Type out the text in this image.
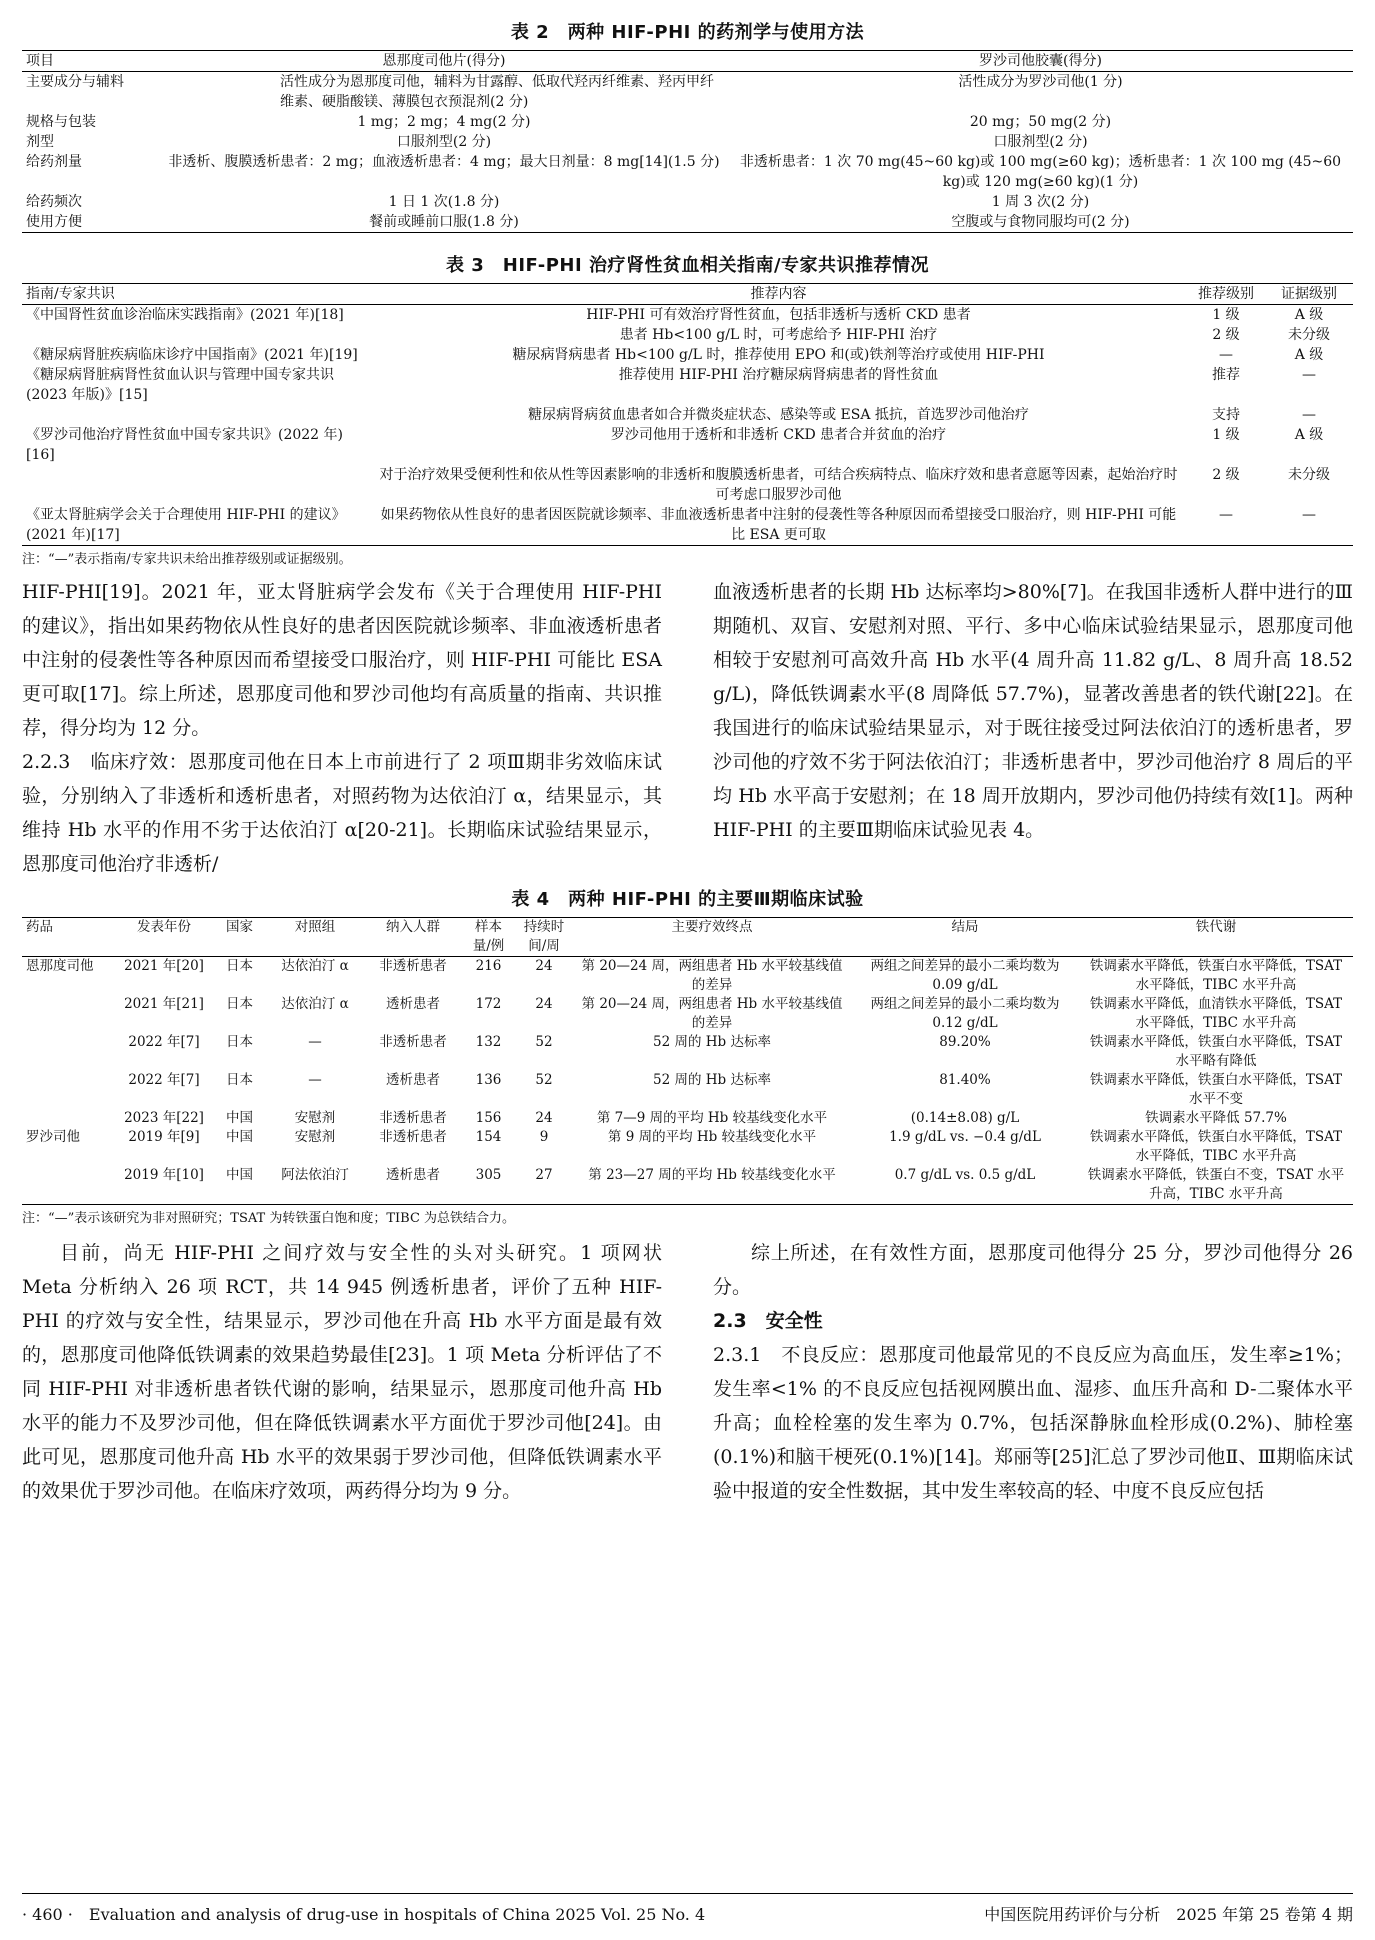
表 2　两种 HIF-PHI 的药剂学与使用方法
项目	恩那度司他片(得分)	罗沙司他胶囊(得分)
主要成分与辅料	活性成分为恩那度司他，辅料为甘露醇、低取代羟丙纤维素、羟丙甲纤维素、硬脂酸镁、薄膜包衣预混剂(2 分)	活性成分为罗沙司他(1 分)
规格与包装	1 mg；2 mg；4 mg(2 分)	20 mg；50 mg(2 分)
剂型	口服剂型(2 分)	口服剂型(2 分)
给药剂量	非透析、腹膜透析患者：2 mg；血液透析患者：4 mg；最大日剂量：8 mg[14](1.5 分)	非透析患者：1 次 70 mg(45~60 kg)或 100 mg(≥60 kg)；透析患者：1 次 100 mg (45~60 kg)或 120 mg(≥60 kg)(1 分)
给药频次	1 日 1 次(1.8 分)	1 周 3 次(2 分)
使用方便	餐前或睡前口服(1.8 分)	空腹或与食物同服均可(2 分)
表 3　HIF-PHI 治疗肾性贫血相关指南/专家共识推荐情况
指南/专家共识	推荐内容	推荐级别	证据级别
《中国肾性贫血诊治临床实践指南》(2021 年)[18]	HIF-PHI 可有效治疗肾性贫血，包括非透析与透析 CKD 患者	1 级	A 级
	患者 Hb<100 g/L 时，可考虑给予 HIF-PHI 治疗	2 级	未分级
《糖尿病肾脏疾病临床诊疗中国指南》(2021 年)[19]	糖尿病肾病患者 Hb<100 g/L 时，推荐使用 EPO 和(或)铁剂等治疗或使用 HIF-PHI	—	A 级
《糖尿病肾脏病肾性贫血认识与管理中国专家共识(2023 年版)》[15]	推荐使用 HIF-PHI 治疗糖尿病肾病患者的肾性贫血	推荐	—
	糖尿病肾病贫血患者如合并微炎症状态、感染等或 ESA 抵抗，首选罗沙司他治疗	支持	—
《罗沙司他治疗肾性贫血中国专家共识》(2022 年)[16]	罗沙司他用于透析和非透析 CKD 患者合并贫血的治疗	1 级	A 级
	对于治疗效果受便利性和依从性等因素影响的非透析和腹膜透析患者，可结合疾病特点、临床疗效和患者意愿等因素，起始治疗时可考虑口服罗沙司他	2 级	未分级
《亚太肾脏病学会关于合理使用 HIF-PHI 的建议》(2021 年)[17]	如果药物依从性良好的患者因医院就诊频率、非血液透析患者中注射的侵袭性等各种原因而希望接受口服治疗，则 HIF-PHI 可能比 ESA 更可取	—	—
注：“—”表示指南/专家共识未给出推荐级别或证据级别。

HIF-PHI[19]。2021 年，亚太肾脏病学会发布《关于合理使用 HIF-PHI 的建议》，指出如果药物依从性良好的患者因医院就诊频率、非血液透析患者中注射的侵袭性等各种原因而希望接受口服治疗，则 HIF-PHI 可能比 ESA 更可取[17]。综上所述，恩那度司他和罗沙司他均有高质量的指南、共识推荐，得分均为 12 分。

2.2.3　临床疗效：恩那度司他在日本上市前进行了 2 项Ⅲ期非劣效临床试验，分别纳入了非透析和透析患者，对照药物为达依泊汀 α，结果显示，其维持 Hb 水平的作用不劣于达依泊汀 α[20-21]。长期临床试验结果显示，恩那度司他治疗非透析/

血液透析患者的长期 Hb 达标率均>80%[7]。在我国非透析人群中进行的Ⅲ期随机、双盲、安慰剂对照、平行、多中心临床试验结果显示，恩那度司他相较于安慰剂可高效升高 Hb 水平(4 周升高 11.82 g/L、8 周升高 18.52 g/L)，降低铁调素水平(8 周降低 57.7%)，显著改善患者的铁代谢[22]。在我国进行的临床试验结果显示，对于既往接受过阿法依泊汀的透析患者，罗沙司他的疗效不劣于阿法依泊汀；非透析患者中，罗沙司他治疗 8 周后的平均 Hb 水平高于安慰剂；在 18 周开放期内，罗沙司他仍持续有效[1]。两种 HIF-PHI 的主要Ⅲ期临床试验见表 4。

表 4　两种 HIF-PHI 的主要Ⅲ期临床试验
药品	发表年份	国家	对照组	纳入人群	样本量/例	持续时间/周	主要疗效终点	结局	铁代谢
恩那度司他	2021 年[20]	日本	达依泊汀 α	非透析患者	216	24	第 20—24 周，两组患者 Hb 水平较基线值的差异	两组之间差异的最小二乘均数为 0.09 g/dL	铁调素水平降低，铁蛋白水平降低，TSAT 水平降低，TIBC 水平升高
	2021 年[21]	日本	达依泊汀 α	透析患者	172	24	第 20—24 周，两组患者 Hb 水平较基线值的差异	两组之间差异的最小二乘均数为 0.12 g/dL	铁调素水平降低，血清铁水平降低，TSAT 水平降低，TIBC 水平升高
	2022 年[7]	日本	—	非透析患者	132	52	52 周的 Hb 达标率	89.20%	铁调素水平降低，铁蛋白水平降低，TSAT 水平略有降低
	2022 年[7]	日本	—	透析患者	136	52	52 周的 Hb 达标率	81.40%	铁调素水平降低，铁蛋白水平降低，TSAT 水平不变
	2023 年[22]	中国	安慰剂	非透析患者	156	24	第 7—9 周的平均 Hb 较基线变化水平	(0.14±8.08) g/L	铁调素水平降低 57.7%
罗沙司他	2019 年[9]	中国	安慰剂	非透析患者	154	9	第 9 周的平均 Hb 较基线变化水平	1.9 g/dL vs. −0.4 g/dL	铁调素水平降低，铁蛋白水平降低，TSAT 水平降低，TIBC 水平升高
	2019 年[10]	中国	阿法依泊汀	透析患者	305	27	第 23—27 周的平均 Hb 较基线变化水平	0.7 g/dL vs. 0.5 g/dL	铁调素水平降低，铁蛋白不变，TSAT 水平升高，TIBC 水平升高
注：“—”表示该研究为非对照研究；TSAT 为转铁蛋白饱和度；TIBC 为总铁结合力。

目前，尚无 HIF-PHI 之间疗效与安全性的头对头研究。1 项网状 Meta 分析纳入 26 项 RCT，共 14 945 例透析患者，评价了五种 HIF-PHI 的疗效与安全性，结果显示，罗沙司他在升高 Hb 水平方面是最有效的，恩那度司他降低铁调素的效果趋势最佳[23]。1 项 Meta 分析评估了不同 HIF-PHI 对非透析患者铁代谢的影响，结果显示，恩那度司他升高 Hb 水平的能力不及罗沙司他，但在降低铁调素水平方面优于罗沙司他[24]。由此可见，恩那度司他升高 Hb 水平的效果弱于罗沙司他，但降低铁调素水平的效果优于罗沙司他。在临床疗效项，两药得分均为 9 分。

综上所述，在有效性方面，恩那度司他得分 25 分，罗沙司他得分 26 分。

2.3　安全性

2.3.1　不良反应：恩那度司他最常见的不良反应为高血压，发生率≥1%；发生率<1% 的不良反应包括视网膜出血、湿疹、血压升高和 D-二聚体水平升高；血栓栓塞的发生率为 0.7%，包括深静脉血栓形成(0.2%)、肺栓塞(0.1%)和脑干梗死(0.1%)[14]。郑丽等[25]汇总了罗沙司他Ⅱ、Ⅲ期临床试验中报道的安全性数据，其中发生率较高的轻、中度不良反应包括

· 460 ·　Evaluation and analysis of drug-use in hospitals of China 2025 Vol. 25 No. 4	中国医院用药评价与分析　2025 年第 25 卷第 4 期
